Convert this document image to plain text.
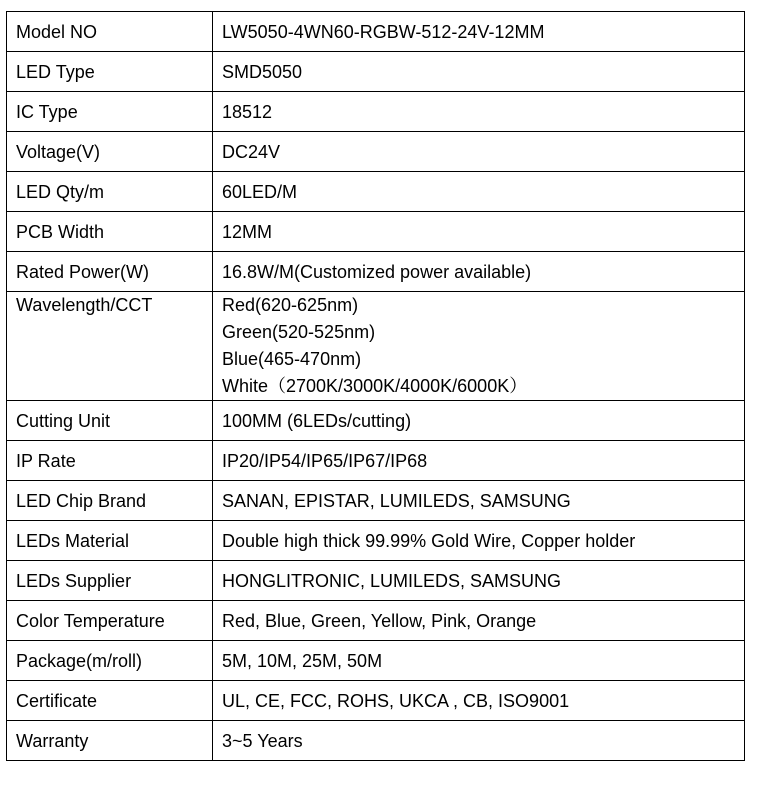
Model NO	LW5050-4WN60-RGBW-512-24V-12MM

LED Type	SMD5050

IC Type	18512

Voltage(V)	DC24V

LED Qty/m	60LED/M

PCB Width	12MM

Rated Power(W)	16.8W/M(Customized power available)

Wavelength/CCT	Red(620-625nm)
Green(520-525nm)
Blue(465-470nm)
White（2700K/3000K/4000K/6000K）

Cutting Unit	100MM (6LEDs/cutting)

IP Rate	IP20/IP54/IP65/IP67/IP68

LED Chip Brand	SANAN, EPISTAR, LUMILEDS, SAMSUNG

LEDs Material	Double high thick 99.99% Gold Wire, Copper holder

LEDs Supplier	HONGLITRONIC, LUMILEDS, SAMSUNG

Color Temperature	Red, Blue, Green, Yellow, Pink, Orange

Package(m/roll)	5M, 10M, 25M, 50M

Certificate	UL, CE, FCC, ROHS, UKCA , CB, ISO9001

Warranty	3~5 Years
